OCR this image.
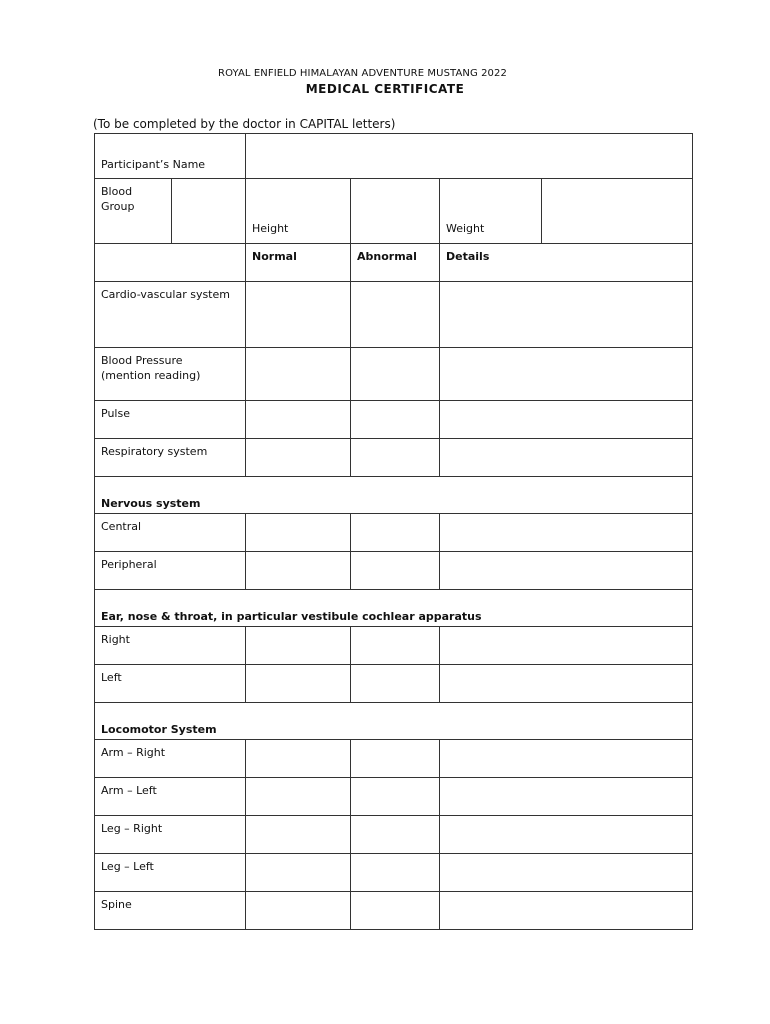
ROYAL ENFIELD HIMALAYAN ADVENTURE MUSTANG 2022
MEDICAL CERTIFICATE
(To be completed by the doctor in CAPITAL letters)
Participant’s Name					
Blood Group		Height		Weight	
		Normal	Abnormal	Details	
Cardio-vascular system					
Blood Pressure
(mention reading)					
Pulse					
Respiratory system					
Nervous system					
Central					
Peripheral					
Ear, nose & throat, in particular vestibule cochlear apparatus					
Right					
Left					
Locomotor System					
Arm – Right					
Arm – Left					
Leg – Right					
Leg – Left					
Spine					
